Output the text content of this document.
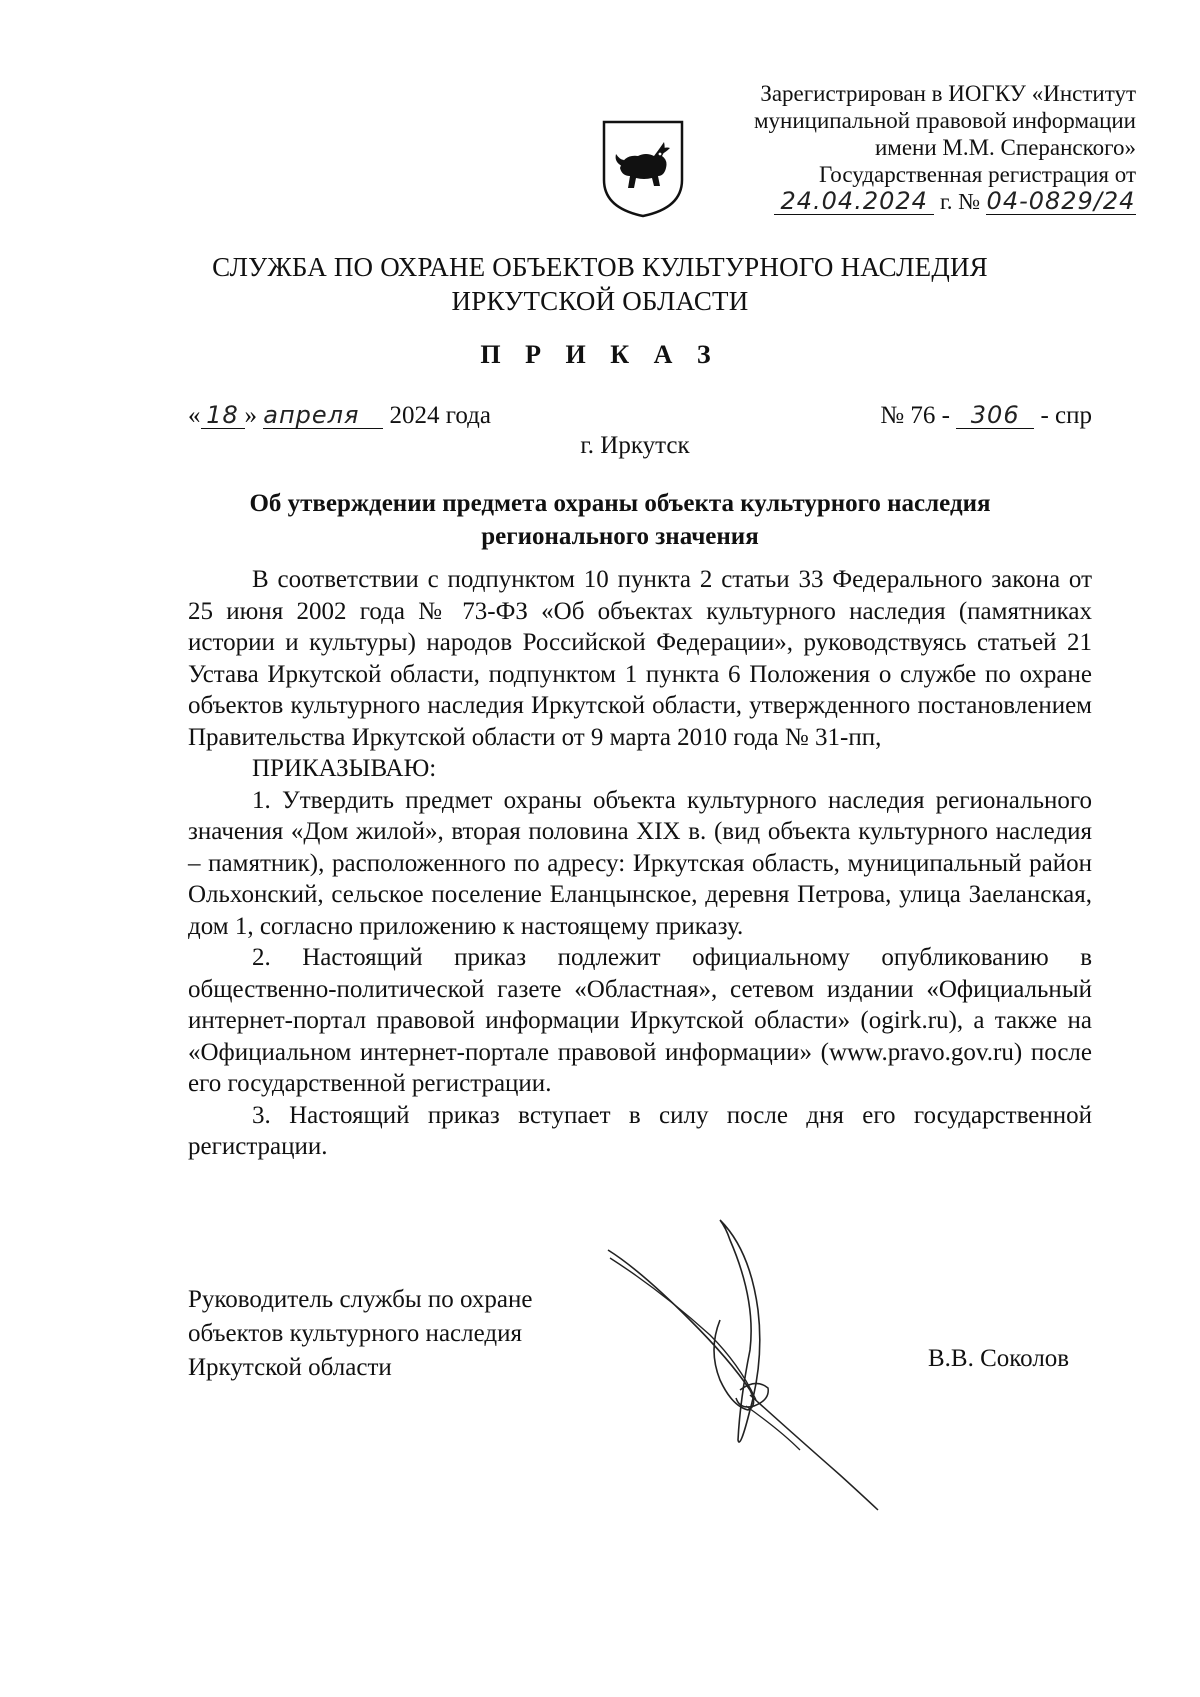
Зарегистрирован в ИОГКУ «Институт
муниципальной правовой информации
имени М.М. Сперанского»
Государственная регистрация от
24.04.2024 г. № 04-0829/24
СЛУЖБА ПО ОХРАНЕ ОБЪЕКТОВ КУЛЬТУРНОГО НАСЛЕДИЯ
ИРКУТСКОЙ ОБЛАСТИ
П Р И К А З
« 18 » апреля 2024 года	№ 76 - 306 - спр
г. Иркутск
Об утверждении предмета охраны объекта культурного наследия
регионального значения

В соответствии с подпунктом 10 пункта 2 статьи 33 Федерального закона от 25 июня 2002 года № 73-ФЗ «Об объектах культурного наследия (памятниках истории и культуры) народов Российской Федерации», руководствуясь статьей 21 Устава Иркутской области, подпунктом 1 пункта 6 Положения о службе по охране объектов культурного наследия Иркутской области, утвержденного постановлением Правительства Иркутской области от 9 марта 2010 года № 31-пп,

ПРИКАЗЫВАЮ:

1. Утвердить предмет охраны объекта культурного наследия регионального значения «Дом жилой», вторая половина XIX в. (вид объекта культурного наследия – памятник), расположенного по адресу: Иркутская область, муниципальный район Ольхонский, сельское поселение Еланцынское, деревня Петрова, улица Заеланская, дом 1, согласно приложению к настоящему приказу.

2. Настоящий приказ подлежит официальному опубликованию в общественно-политической газете «Областная», сетевом издании «Официальный интернет-портал правовой информации Иркутской области» (ogirk.ru), а также на «Официальном интернет-портале правовой информации» (www.pravo.gov.ru) после его государственной регистрации.

3. Настоящий приказ вступает в силу после дня его государственной регистрации.

Руководитель службы по охране
объектов культурного наследия
Иркутской области	В.В. Соколов
